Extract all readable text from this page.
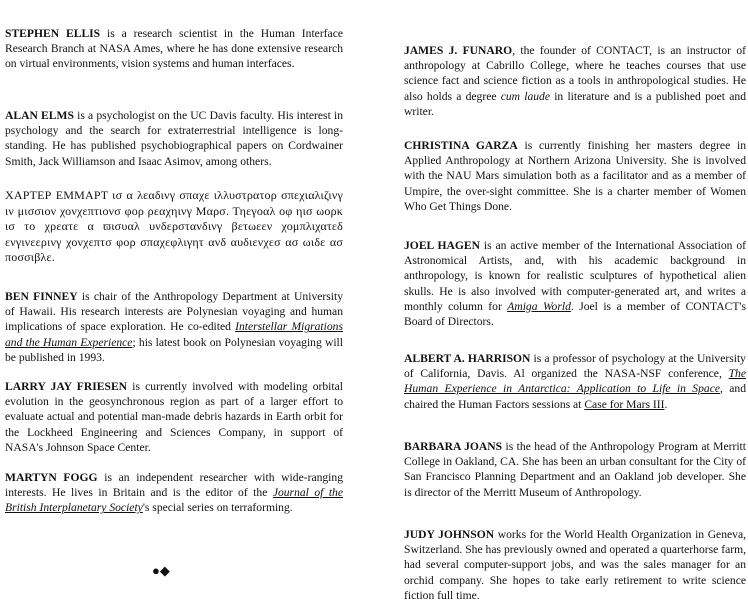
STEPHEN ELLIS is a research scientist in the Human Interface Research Branch at NASA Ames, where he has done extensive research on virtual environments, vision systems and human interfaces.

ALAN ELMS is a psychologist on the UC Davis faculty. His interest in psychology and the search for extraterrestrial intelligence is long-standing. He has published psychobiographical papers on Cordwainer Smith, Jack Williamson and Isaac Asimov, among others.

ΧΑΡΤΕΡ ΕΜΜΑΡΤ ισ α λεαδινγ σπαχε ιλλυστρατορ σπεχιαλιζινγ ιν μισσιον χονχεπτιονσ φορ ρεαχηινγ Μαρσ. Τηεγοαλ οφ ηισ ωορκ ισ το χρεατε α ϖισυαλ υνδερστανδινγ βετωεεν χομπλιχατεδ ενγινεερινγ χονχεπτσ φορ σπαχεφλιγητ ανδ αυδιενχεσ ασ ωιδε ασ ποσσιβλε.

BEN FINNEY is chair of the Anthropology Department at University of Hawaii. His research interests are Polynesian voyaging and human implications of space exploration. He co-edited Interstellar Migrations and the Human Experience; his latest book on Polynesian voyaging will be published in 1993.

LARRY JAY FRIESEN is currently involved with modeling orbital evolution in the geosynchronous region as part of a larger effort to evaluate actual and potential man-made debris hazards in Earth orbit for the Lockheed Engineering and Sciences Company, in support of NASA's Johnson Space Center.

MARTYN FOGG is an independent researcher with wide-ranging interests. He lives in Britain and is the editor of the Journal of the British Interplanetary Society's special series on terraforming.

JAMES J. FUNARO, the founder of CONTACT, is an instructor of anthropology at Cabrillo College, where he teaches courses that use science fact and science fiction as a tools in anthropological studies. He also holds a degree cum laude in literature and is a published poet and writer.

CHRISTINA GARZA is currently finishing her masters degree in Applied Anthropology at Northern Arizona University. She is involved with the NAU Mars simulation both as a facilitator and as a member of Umpire, the over-sight committee. She is a charter member of Women Who Get Things Done.

JOEL HAGEN is an active member of the International Association of Astronomical Artists, and, with his academic background in anthropology, is known for realistic sculptures of hypothetical alien skulls. He is also involved with computer-generated art, and writes a monthly column for Amiga World. Joel is a member of CONTACT's Board of Directors.

ALBERT A. HARRISON is a professor of psychology at the University of California, Davis. Al organized the NASA-NSF conference, The Human Experience in Antarctica: Application to Life in Space, and chaired the Human Factors sessions at Case for Mars III.

BARBARA JOANS is the head of the Anthropology Program at Merritt College in Oakland, CA. She has been an urban consultant for the City of San Francisco Planning Department and an Oakland job developer. She is director of the Merritt Museum of Anthropology.

JUDY JOHNSON works for the World Health Organization in Geneva, Switzerland. She has previously owned and operated a quarterhorse farm, had several computer-support jobs, and was the sales manager for an orchid company. She hopes to take early retirement to write science fiction full time.

●◆
